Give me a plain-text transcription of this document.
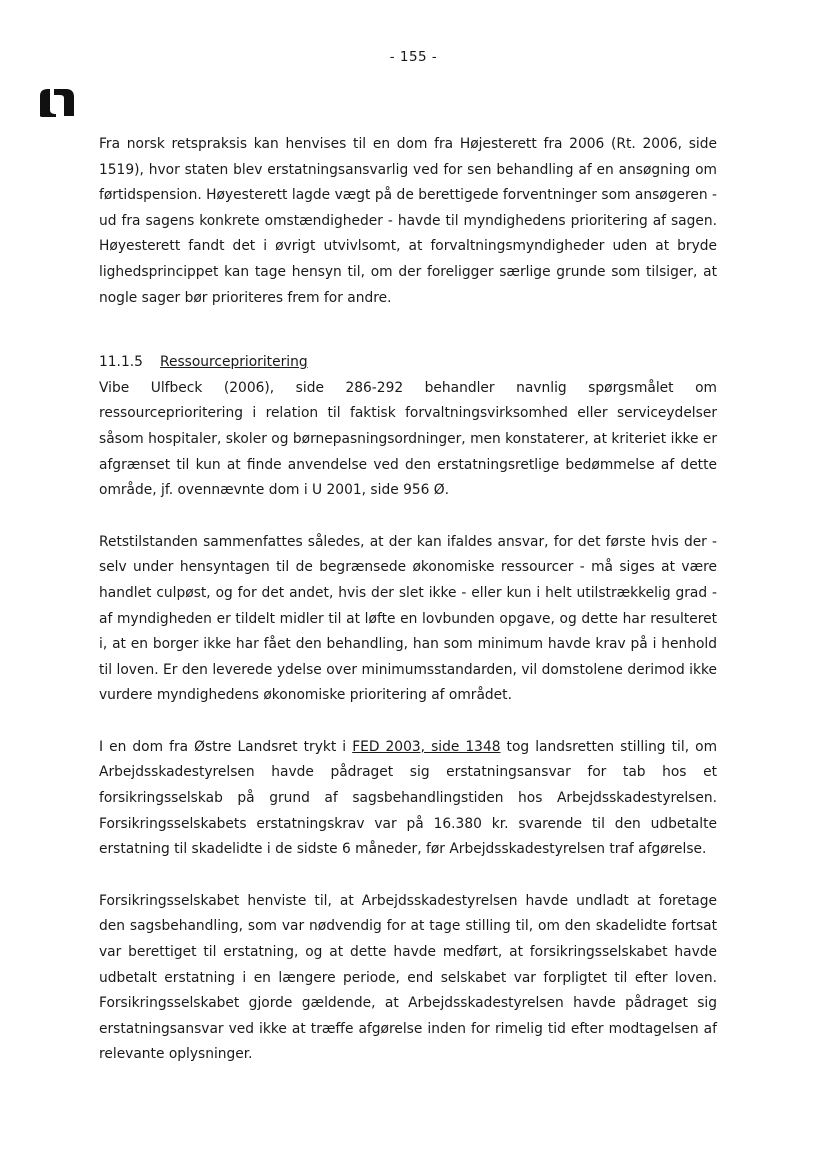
- 155 -

Fra norsk retspraksis kan henvises til en dom fra Højesterett fra 2006 (Rt. 2006, side 1519), hvor staten blev erstatningsansvarlig ved for sen behandling af en ansøgning om førtidspension. Høyesterett lagde vægt på de berettigede forventninger som ansøgeren - ud fra sagens konkrete omstændigheder - havde til myndighedens prioritering af sagen. Høyesterett fandt det i øvrigt utvivlsomt, at forvaltningsmyndigheder uden at bryde lighedsprincippet kan tage hensyn til, om der foreligger særlige grunde som tilsiger, at nogle sager bør prioriteres frem for andre.

11.1.5 Ressourceprioritering

Vibe Ulfbeck (2006), side 286-292 behandler navnlig spørgsmålet om ressourceprioritering i relation til faktisk forvaltningsvirksomhed eller serviceydelser såsom hospitaler, skoler og børnepasningsordninger, men konstaterer, at kriteriet ikke er afgrænset til kun at finde anvendelse ved den erstatningsretlige bedømmelse af dette område, jf. ovennævnte dom i U 2001, side 956 Ø.

Retstilstanden sammenfattes således, at der kan ifaldes ansvar, for det første hvis der - selv under hensyntagen til de begrænsede økonomiske ressourcer - må siges at være handlet culpøst, og for det andet, hvis der slet ikke - eller kun i helt utilstrækkelig grad - af myndigheden er tildelt midler til at løfte en lovbunden opgave, og dette har resulteret i, at en borger ikke har fået den behandling, han som minimum havde krav på i henhold til loven. Er den leverede ydelse over minimumsstandarden, vil domstolene derimod ikke vurdere myndighedens økonomiske prioritering af området.

I en dom fra Østre Landsret trykt i FED 2003, side 1348 tog landsretten stilling til, om Arbejdsskadestyrelsen havde pådraget sig erstatningsansvar for tab hos et forsikringsselskab på grund af sagsbehandlingstiden hos Arbejdsskadestyrelsen. Forsikringsselskabets erstatningskrav var på 16.380 kr. svarende til den udbetalte erstatning til skadelidte i de sidste 6 måneder, før Arbejdsskadestyrelsen traf afgørelse.

Forsikringsselskabet henviste til, at Arbejdsskadestyrelsen havde undladt at foretage den sagsbehandling, som var nødvendig for at tage stilling til, om den skadelidte fortsat var berettiget til erstatning, og at dette havde medført, at forsikringsselskabet havde udbetalt erstatning i en længere periode, end selskabet var forpligtet til efter loven. Forsikringsselskabet gjorde gældende, at Arbejdsskadestyrelsen havde pådraget sig erstatningsansvar ved ikke at træffe afgørelse inden for rimelig tid efter modtagelsen af relevante oplysninger.
